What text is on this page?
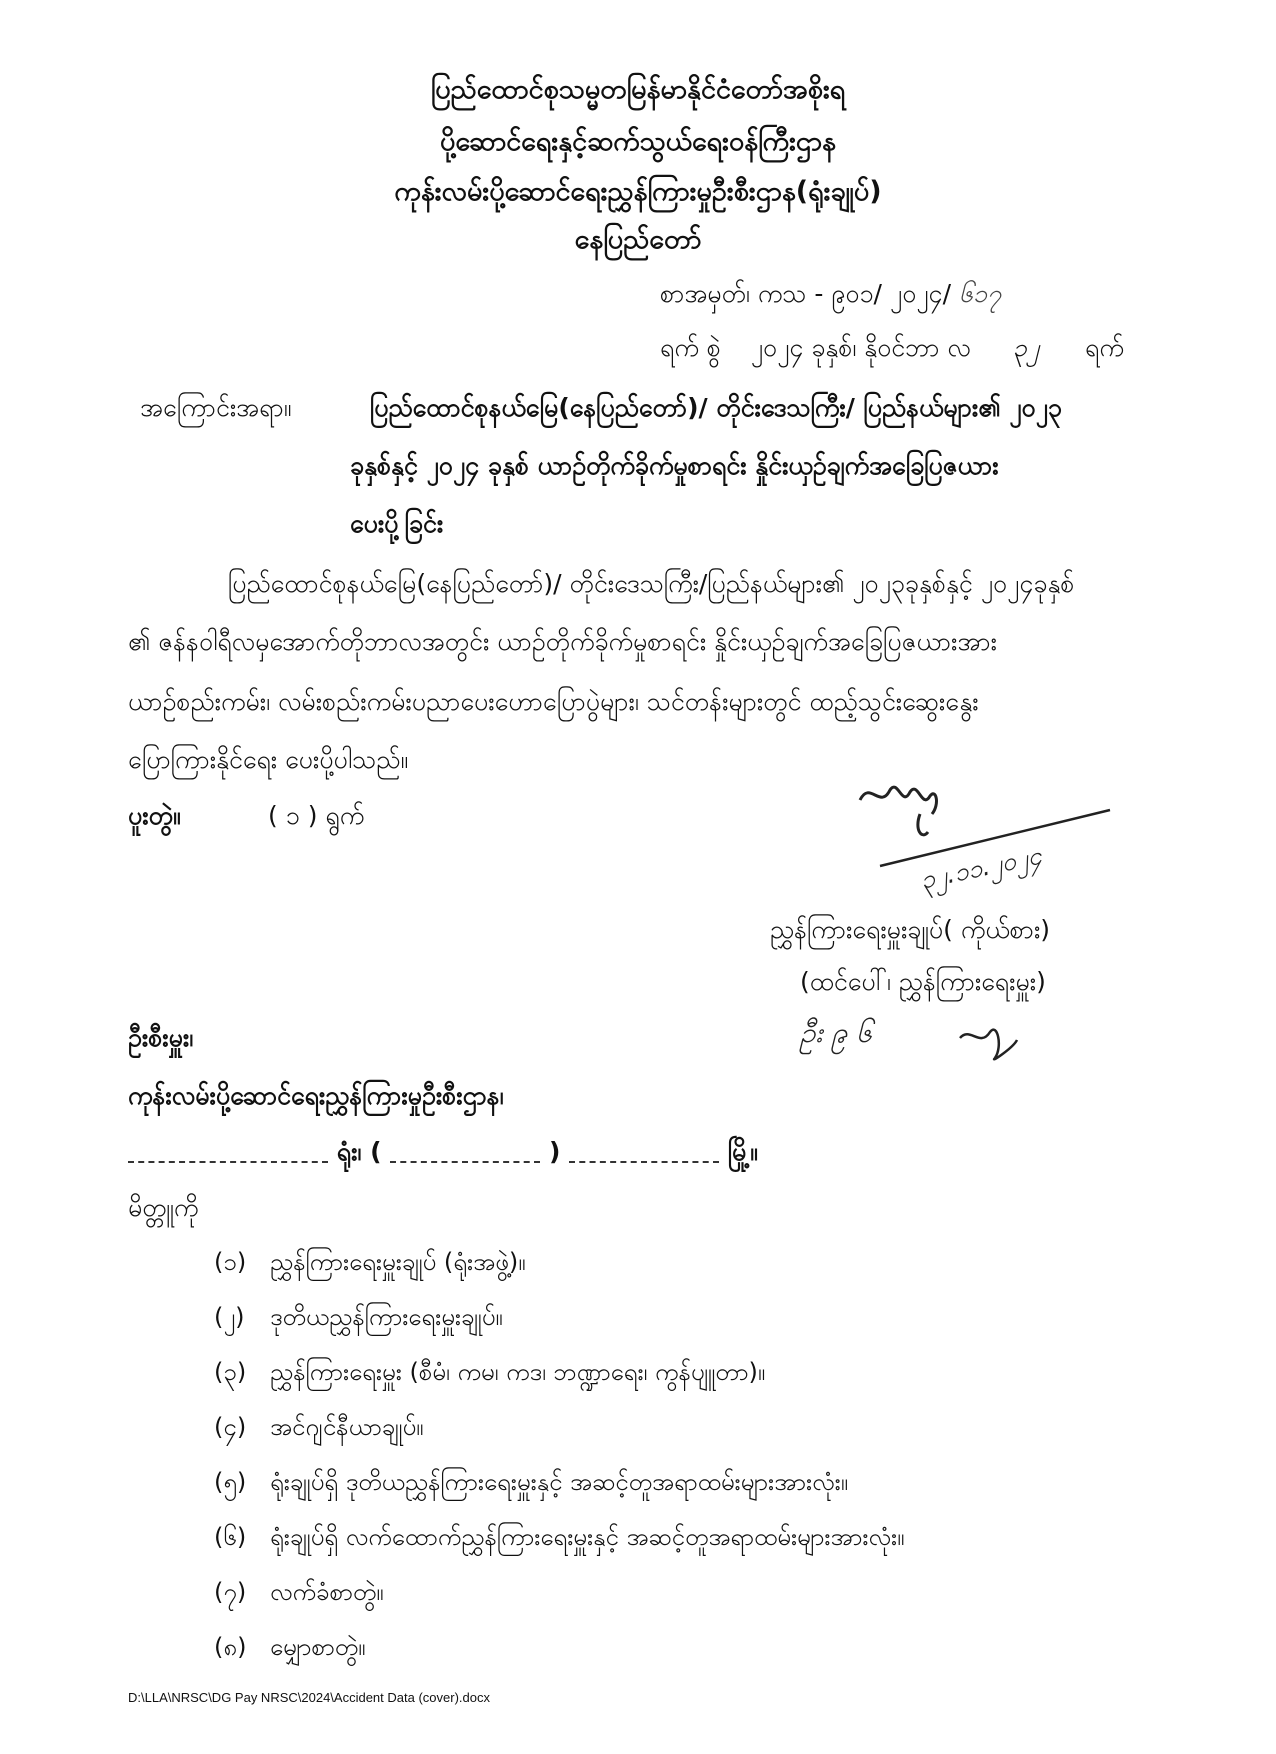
ပြည်ထောင်စုသမ္မတမြန်မာနိုင်ငံတော်အစိုးရ
ပို့ဆောင်ရေးနှင့်ဆက်သွယ်ရေးဝန်ကြီးဌာန
ကုန်းလမ်းပို့ဆောင်ရေးညွှန်ကြားမှုဦးစီးဌာန(ရုံးချုပ်)
နေပြည်တော်
စာအမှတ်၊ ကသ - ၉၀၁/ ၂၀၂၄/ ၆၁၇
ရက် စွဲ ၂၀၂၄ ခုနှစ်၊ နိုဝင်ဘာ လ ၃၂ ရက်
အကြောင်းအရာ။	ပြည်ထောင်စုနယ်မြေ(နေပြည်တော်)/ တိုင်းဒေသကြီး/ ပြည်နယ်များ၏ ၂၀၂၃
ခုနှစ်နှင့် ၂၀၂၄ ခုနှစ် ယာဉ်တိုက်ခိုက်မှုစာရင်း နှိုင်းယှဉ်ချက်အခြေပြဇယား
ပေးပို့ခြင်း
ပြည်ထောင်စုနယ်မြေ(နေပြည်တော်)/ တိုင်းဒေသကြီး/ပြည်နယ်များ၏ ၂၀၂၃ခုနှစ်နှင့် ၂၀၂၄ခုနှစ်
၏ ဇန်နဝါရီလမှအောက်တိုဘာလအတွင်း ယာဉ်တိုက်ခိုက်မှုစာရင်း နှိုင်းယှဉ်ချက်အခြေပြဇယားအား
ယာဉ်စည်းကမ်း၊ လမ်းစည်းကမ်းပညာပေးဟောပြောပွဲများ၊ သင်တန်းများတွင် ထည့်သွင်းဆွေးနွေး
ပြောကြားနိုင်ရေး ပေးပို့ပါသည်။
ပူးတွဲ။	( ၁ ) ရွက်
၃၂.၁၁.၂၀၂၄
ညွှန်ကြားရေးမှူးချုပ်( ကိုယ်စား)
(ထင်ပေါ်၊ ညွှန်ကြားရေးမှူး)
ဦး ၉ ၆
ဦးစီးမှူး၊
ကုန်းလမ်းပို့ဆောင်ရေးညွှန်ကြားမှုဦးစီးဌာန၊
ရုံး၊ (	)	မြို့။
မိတ္တူကို
(၁) ညွှန်ကြားရေးမှူးချုပ် (ရုံးအဖွဲ့)။
(၂) ဒုတိယညွှန်ကြားရေးမှူးချုပ်။
(၃) ညွှန်ကြားရေးမှူး (စီမံ၊ ကမ၊ ကဒ၊ ဘဏ္ဍာရေး၊ ကွန်ပျူတာ)။
(၄) အင်ဂျင်နီယာချုပ်။
(၅) ရုံးချုပ်ရှိ ဒုတိယညွှန်ကြားရေးမှူးနှင့် အဆင့်တူအရာထမ်းများအားလုံး။
(၆) ရုံးချုပ်ရှိ လက်ထောက်ညွှန်ကြားရေးမှူးနှင့် အဆင့်တူအရာထမ်းများအားလုံး။
(၇) လက်ခံစာတွဲ။
(၈) မျှောစာတွဲ။
D:\LLA\NRSC\DG Pay NRSC\2024\Accident Data (cover).docx
